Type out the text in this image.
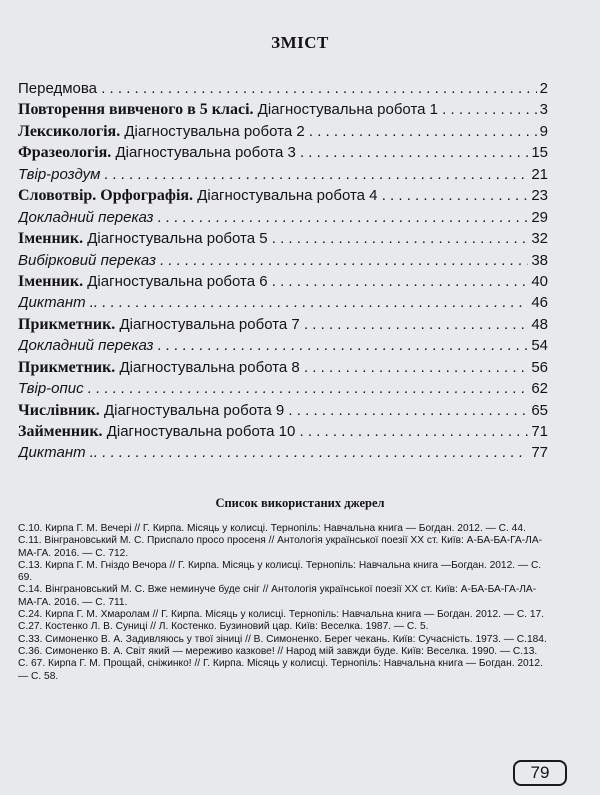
ЗМІСТ
Передмова . . .	2
Повторення вивченого в 5 класі. Діагностувальна робота 1 . . .	3
Лексикологія. Діагностувальна робота 2 . . .	9
Фразеологія. Діагностувальна робота 3 . . .	15
Твір-роздум . . .	21
Словотвір. Орфографія. Діагностувальна робота 4 . . .	23
Докладний переказ . . .	29
Іменник. Діагностувальна робота 5 . . .	32
Вибірковий переказ . . .	38
Іменник. Діагностувальна робота 6 . . .	40
Диктант .. . . .	46
Прикметник. Діагностувальна робота 7 . . .	48
Докладний переказ . . .	54
Прикметник. Діагностувальна робота 8 . . .	56
Твір-опис . . .	62
Числівник. Діагностувальна робота 9 . . .	65
Займенник. Діагностувальна робота 10 . . .	71
Диктант .. . . .	77
Список використаних джерел

С.10. Кирпа Г. М. Вечері // Г. Кирпа. Місяць у колисці. Тернопіль: Навчальна книга — Богдан. 2012. — С. 44.

С.11. Вінграновський М. С. Приспало просо просеня // Антологія української поезії XX ст. Київ: А-БА-БА-ГА-ЛА-МА-ГА. 2016. — С. 712.

С.13. Кирпа Г. М. Гніздо Вечора // Г. Кирпа. Місяць у колисці. Тернопіль: Навчальна книга —Богдан. 2012. — С. 69.

С.14. Вінграновський М. С. Вже неминуче буде сніг // Антологія української поезії XX ст. Київ: А-БА-БА-ГА-ЛА-МА-ГА. 2016. — С. 711.

С.24. Кирпа Г. М. Хмаролам // Г. Кирпа. Місяць у колисці. Тернопіль: Навчальна книга — Богдан. 2012. — С. 17.

С.27. Костенко Л. В. Суниці // Л. Костенко. Бузиновий цар. Київ: Веселка. 1987. — С. 5.

С.33. Симоненко В. А. Задивляюсь у твої зіниці // В. Симоненко. Берег чекань. Київ: Сучасність. 1973. — С.184.

С.36. Симоненко В. А. Світ який — мереживо казкове! // Народ мій завжди буде. Київ: Веселка. 1990. — С.13.

С. 67. Кирпа Г. М. Прощай, сніжинко! // Г. Кирпа. Місяць у колисці. Тернопіль: Навчальна книга — Богдан. 2012. — С. 58.

79
